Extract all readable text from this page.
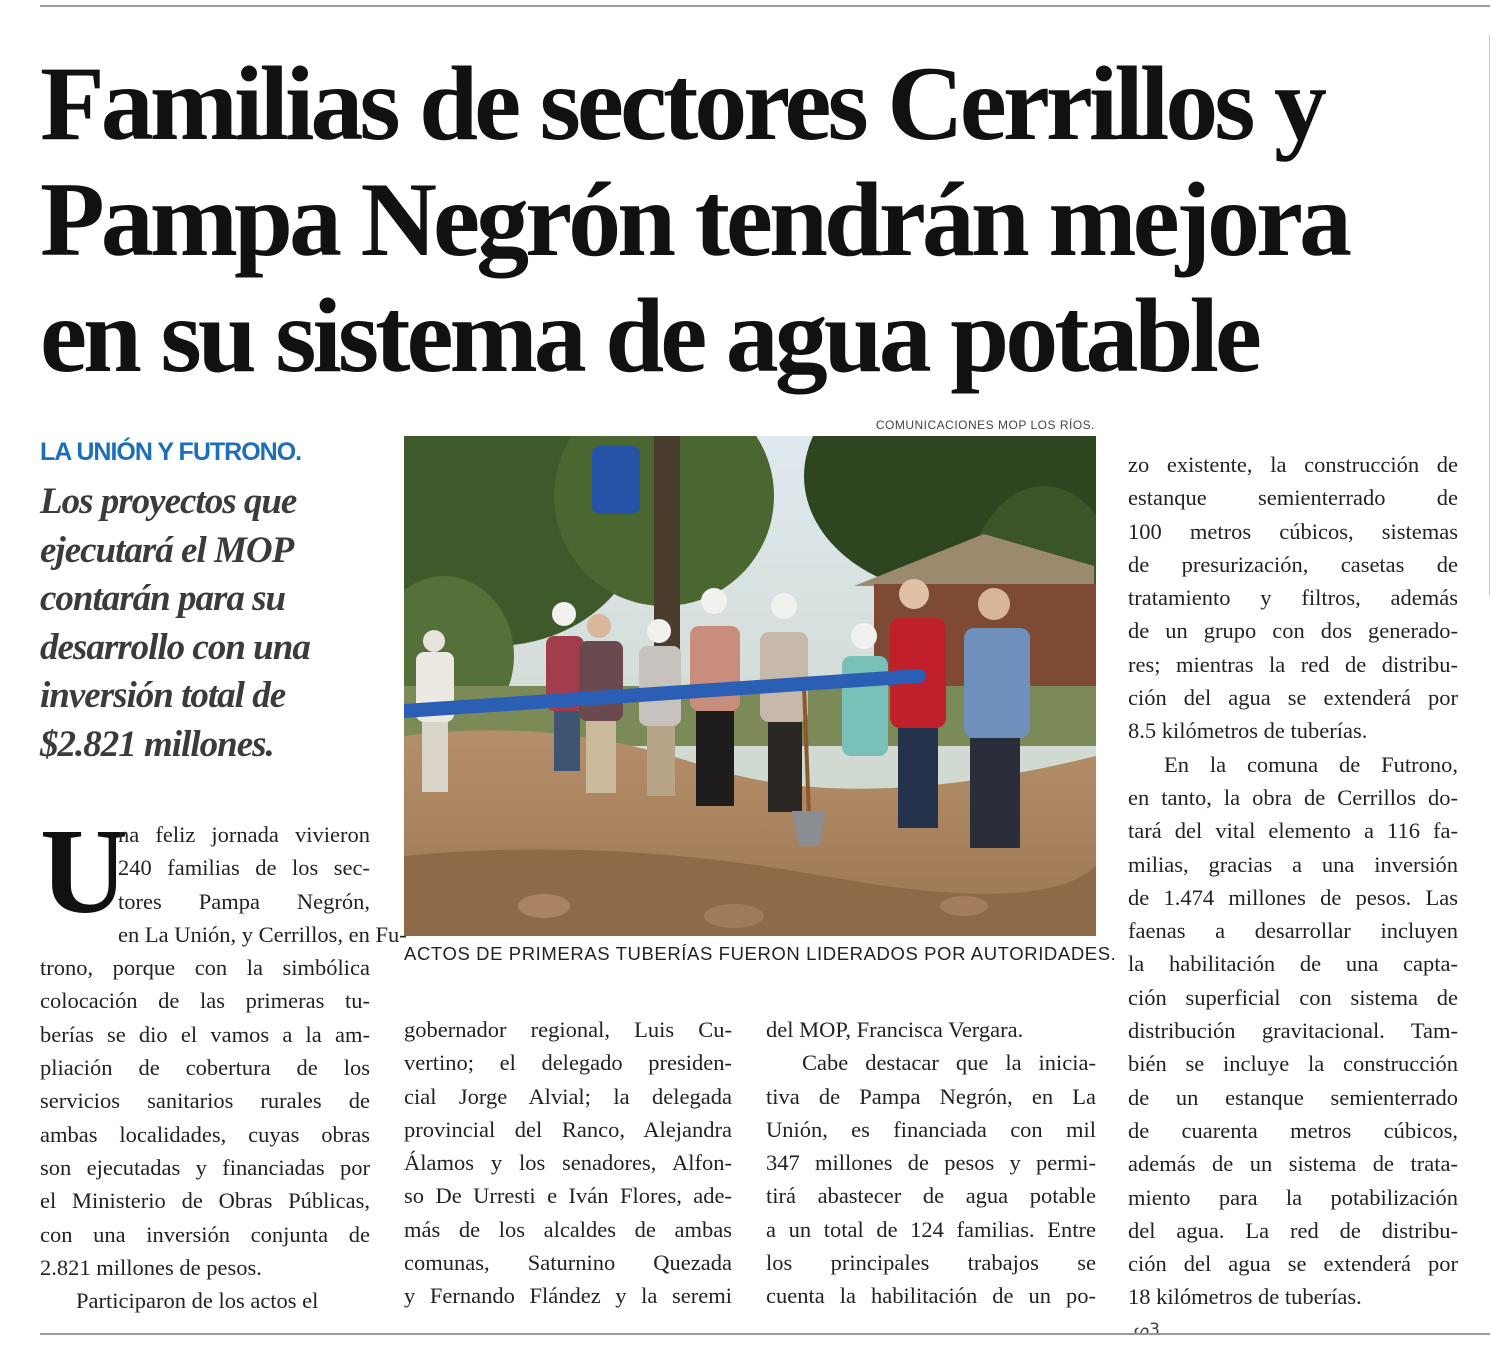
Familias de sectores Cerrillos y
Pampa Negrón tendrán mejora
en su sistema de agua potable
LA UNIÓN Y FUTRONO.
Los proyectos que
ejecutará el MOP
contarán para su
desarrollo con una
inversión total de
$2.821 millones.
COMUNICACIONES MOP LOS RÍOS.
ACTOS DE PRIMERAS TUBERÍAS FUERON LIDERADOS POR AUTORIDADES.
U
na feliz jornada vivieron
240 familias de los sec-
tores Pampa Negrón,
en La Unión, y Cerrillos, en Fu-
trono, porque con la simbólica
colocación de las primeras tu-
berías se dio el vamos a la am-
pliación de cobertura de los
servicios sanitarios rurales de
ambas localidades, cuyas obras
son ejecutadas y financiadas por
el Ministerio de Obras Públicas,
con una inversión conjunta de
2.821 millones de pesos.
Participaron de los actos el
gobernador regional, Luis Cu-
vertino; el delegado presiden-
cial Jorge Alvial; la delegada
provincial del Ranco, Alejandra
Álamos y los senadores, Alfon-
so De Urresti e Iván Flores, ade-
más de los alcaldes de ambas
comunas, Saturnino Quezada
y Fernando Flández y la seremi
del MOP, Francisca Vergara.
Cabe destacar que la inicia-
tiva de Pampa Negrón, en La
Unión, es financiada con mil
347 millones de pesos y permi-
tirá abastecer de agua potable
a un total de 124 familias. Entre
los principales trabajos se
cuenta la habilitación de un po-
zo existente, la construcción de
estanque semienterrado de
100 metros cúbicos, sistemas
de presurización, casetas de
tratamiento y filtros, además
de un grupo con dos generado-
res; mientras la red de distribu-
ción del agua se extenderá por
8.5 kilómetros de tuberías.
En la comuna de Futrono,
en tanto, la obra de Cerrillos do-
tará del vital elemento a 116 fa-
milias, gracias a una inversión
de 1.474 millones de pesos. Las
faenas a desarrollar incluyen
la habilitación de una capta-
ción superficial con sistema de
distribución gravitacional. Tam-
bién se incluye la construcción
de un estanque semienterrado
de cuarenta metros cúbicos,
además de un sistema de trata-
miento para la potabilización
del agua. La red de distribu-
ción del agua se extenderá por
18 kilómetros de tuberías.
ᔕ3
